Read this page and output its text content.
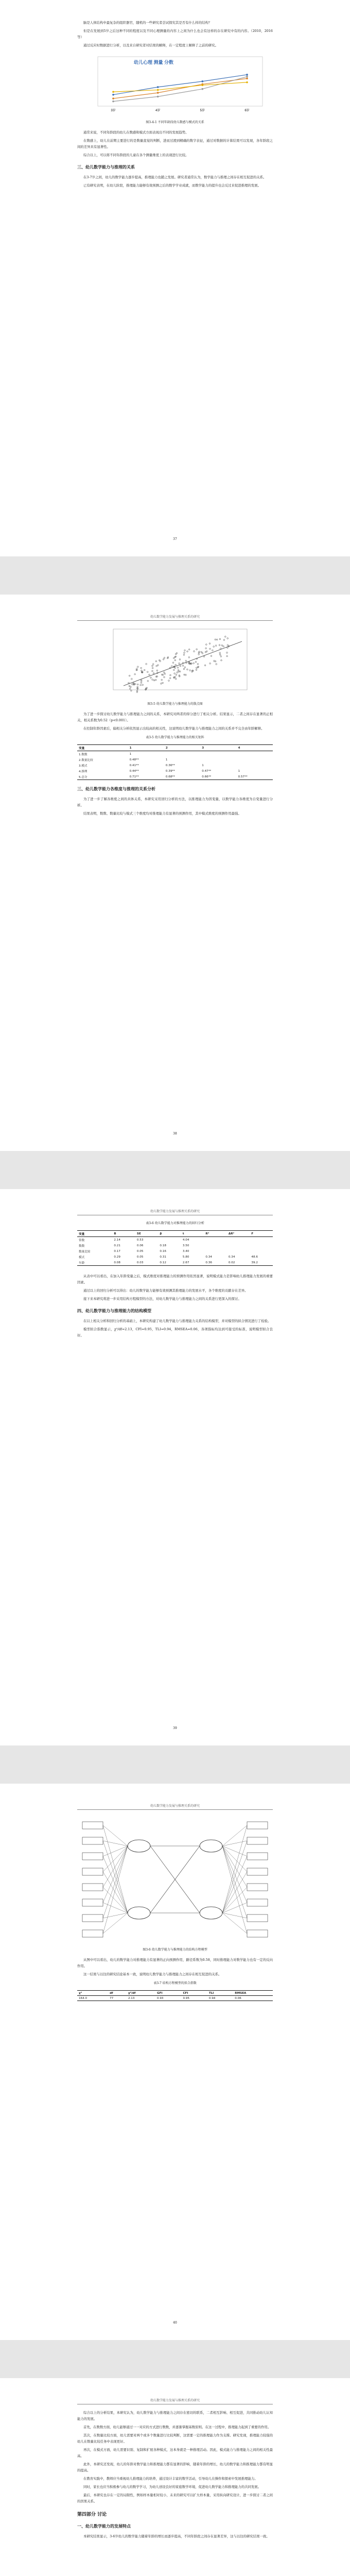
脑是人体结构中最复杂的组织器官，随机的一些研究者尝试探究其是否有什么样的结构？

但是在发展到5岁之后这种不同的程度以及不同心理测量的内容上之间为什么也会有这样的存在研究中有的内容。（2010，2016 等）

通过反应时数据进行分析，以及来自研究者对结果的解释，在一定程度上解释了之前的研究。

幼儿心理 测量 分数
3岁	4岁	5岁	6岁
图3-4-1 不同年龄段幼儿数感与模式的关系

通常来说，不同年龄段的幼儿在数感和模式方面表现出不同的发展趋势。

在数感上，幼儿在前期主要进行的是数量直觉的判断，进而过渡到精确的数字表征，通过对数据的计算结果可以发现，各年龄段之间的差异具有显著性。

综合以上，可以将不同年龄段的儿童在各个测量维度上的表现进行比较。

三、幼儿数学能力与推理的关系

在3-7岁之间，幼儿的数学能力逐步提高，推理能力也随之发展。研究者通常认为，数学能力与推理之间存在相互促进的关系。

已有研究表明，在幼儿阶段，推理能力能够有效预测之后的数学学业成就，而数学能力的提升也会反过来促进推理的发展。

37
幼儿数学能力发展与推理关系的研究
图3-5 幼儿数学能力与推理能力的散点图

为了进一步探讨幼儿数学能力与推理能力之间的关系，本研究对两者的得分进行了相关分析。结果显示，二者之间存在显著的正相关，相关系数为0.52（p<0.001）。

在控制年龄因素后，偏相关分析依然显示出较高的相关性，这说明幼儿数学能力与推理能力之间的关系并不完全由年龄解释。

表3-5 幼儿数学能力与推理能力的相关矩阵
变量	1	2	3	4
1.数数	1			
2.数量比较	0.48**	1		
3.模式	0.41**	0.36**	1	
4.推理	0.44**	0.39**	0.47**	1
5.总分	0.71**	0.68**	0.66**	0.57**
三、幼儿数学能力各维度与推理的关系分析

为了进一步了解各维度之间的具体关系，本研究采用回归分析的方法，以推理能力为因变量，以数学能力各维度为自变量进行分析。

结果表明，数数、数量比较与模式三个维度均对推理能力有显著的预测作用，其中模式维度的预测作用最强。

38
幼儿数学能力发展与推理关系的研究
表3-6 幼儿数学能力对推理能力的回归分析
变量	B	SE	β	t	R²	ΔR²	F
常数	2.14	0.53		4.04			
数数	0.21	0.06	0.18	3.50			
数量比较	0.17	0.05	0.16	3.40			
模式	0.29	0.05	0.31	5.80	0.34	0.34	48.6
年龄	0.08	0.03	0.12	2.67	0.36	0.02	39.2

从表中可以看出，在加入年龄变量之后，模式维度对推理能力的预测作用依然显著，说明模式能力是影响幼儿推理能力发展的重要因素。

通过以上的回归分析可以得出：幼儿的数学能力能够有效预测其推理能力的发展水平，各个维度的贡献存在差异。

接下来本研究将进一步采用结构方程模型的方法，对幼儿数学能力与推理能力之间的关系进行更深入的探讨。

四、幼儿数学能力与推理能力的结构模型

在以上相关分析和回归分析的基础上，本研究构建了幼儿数学能力与推理能力关系的结构模型，并对模型的拟合情况进行了检验。

模型拟合指数显示，χ²/df=2.13，CFI=0.95，TLI=0.94，RMSEA=0.06，各项指标均达到可接受的标准，说明模型拟合良好。

39
幼儿数学能力发展与推理关系的研究
图3-6 幼儿数学能力与推理能力的结构方程模型

从图中可以看出，幼儿的数学能力对推理能力有显著的正向预测作用，路径系数为0.58，同时推理能力对数学能力也有一定的反向作用。

这一结果与以往的研究结论基本一致，说明幼儿数学能力与推理能力之间存在相互促进的关系。

表3-7 结构方程模型的拟合指数
χ²	df	χ²/df	GFI	CFI	TLI	RMSEA
164.0	77	2.13	0.93	0.95	0.94	0.06
40
幼儿数学能力发展与推理关系的研究

综合以上的分析结果，本研究认为，幼儿数学能力与推理能力之间存在密切的联系，二者相互影响、相互促进，共同推动幼儿认知能力的发展。

首先，在数数方面，幼儿能够通过一一对应的方式进行数数，并逐渐掌握基数原则。在这一过程中，推理能力起到了重要的作用。

其次，在数量比较方面，幼儿需要对两个或多个数量进行比较判断，这需要一定的推理能力作为支撑。研究发现，推理能力较强的幼儿在数量比较任务中表现更好。

再次，在模式方面，幼儿需要识别、复制和扩展各种模式，这本身就是一种推理活动。因此，模式能力与推理能力之间的相关性最高。

此外，本研究还发现，幼儿的年龄对数学能力和推理能力都有显著的影响，随着年龄的增长，幼儿的数学能力和推理能力都有明显的提高。

在教育实践中，教师应当重视幼儿推理能力的培养，通过设计丰富的数学活动，引导幼儿在操作和探索中发展推理能力。

同时，家长也应当积极参与幼儿的数学学习，为幼儿创设良好的家庭数学环境，促进幼儿数学能力和推理能力的共同发展。

最后，本研究也存在一定的局限性，例如样本量相对较小，未来的研究可以扩大样本量，采用纵向研究设计，进一步探讨二者之间的因果关系。

第四部分 讨论
一、幼儿数学能力的发展特点

本研究结果显示，3-6岁幼儿的数学能力随着年龄的增长而逐步提高，不同年龄段之间存在显著差异，这与以往的研究结果一致。
